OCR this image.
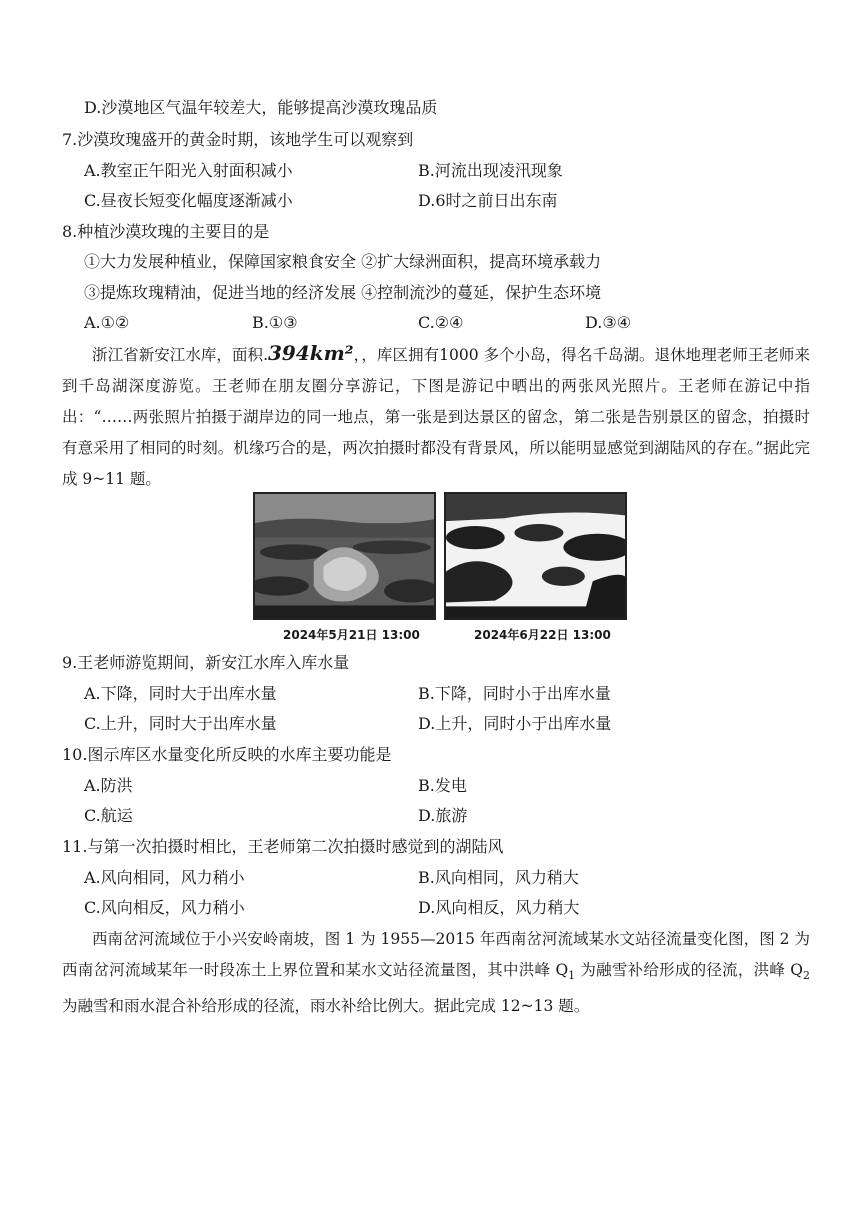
D.沙漠地区气温年较差大，能够提高沙漠玫瑰品质
7.沙漠玫瑰盛开的黄金时期，该地学生可以观察到
A.教室正午阳光入射面积减小	B.河流出现凌汛现象
C.昼夜长短变化幅度逐渐减小	D.6时之前日出东南
8.种植沙漠玫瑰的主要目的是
①大力发展种植业，保障国家粮食安全 ②扩大绿洲面积，提高环境承载力
③提炼玫瑰精油，促进当地的经济发展 ④控制流沙的蔓延，保护生态环境
A.①②	B.①③	C.②④	D.③④
浙江省新安江水库，面积.394km²，，库区拥有1000 多个小岛，得名千岛湖。退休地理老师王老师来到千岛湖深度游览。王老师在朋友圈分享游记，下图是游记中晒出的两张风光照片。王老师在游记中指出：“……两张照片拍摄于湖岸边的同一地点，第一张是到达景区的留念，第二张是告别景区的留念，拍摄时有意采用了相同的时刻。机缘巧合的是，两次拍摄时都没有背景风，所以能明显感觉到湖陆风的存在。”据此完成 9~11 题。
2024年5月21日 13:00	2024年6月22日 13:00
9.王老师游览期间，新安江水库入库水量
A.下降，同时大于出库水量	B.下降，同时小于出库水量
C.上升，同时大于出库水量	D.上升，同时小于出库水量
10.图示库区水量变化所反映的水库主要功能是
A.防洪	B.发电
C.航运	D.旅游
11.与第一次拍摄时相比，王老师第二次拍摄时感觉到的湖陆风
A.风向相同，风力稍小	B.风向相同，风力稍大
C.风向相反，风力稍小	D.风向相反，风力稍大
西南岔河流域位于小兴安岭南坡，图 1 为 1955—2015 年西南岔河流域某水文站径流量变化图，图 2 为西南岔河流域某年一时段冻土上界位置和某水文站径流量图，其中洪峰 $Q_1$ 为融雪补给形成的径流，洪峰 $Q_2$ 为融雪和雨水混合补给形成的径流，雨水补给比例大。据此完成 12~13 题。
